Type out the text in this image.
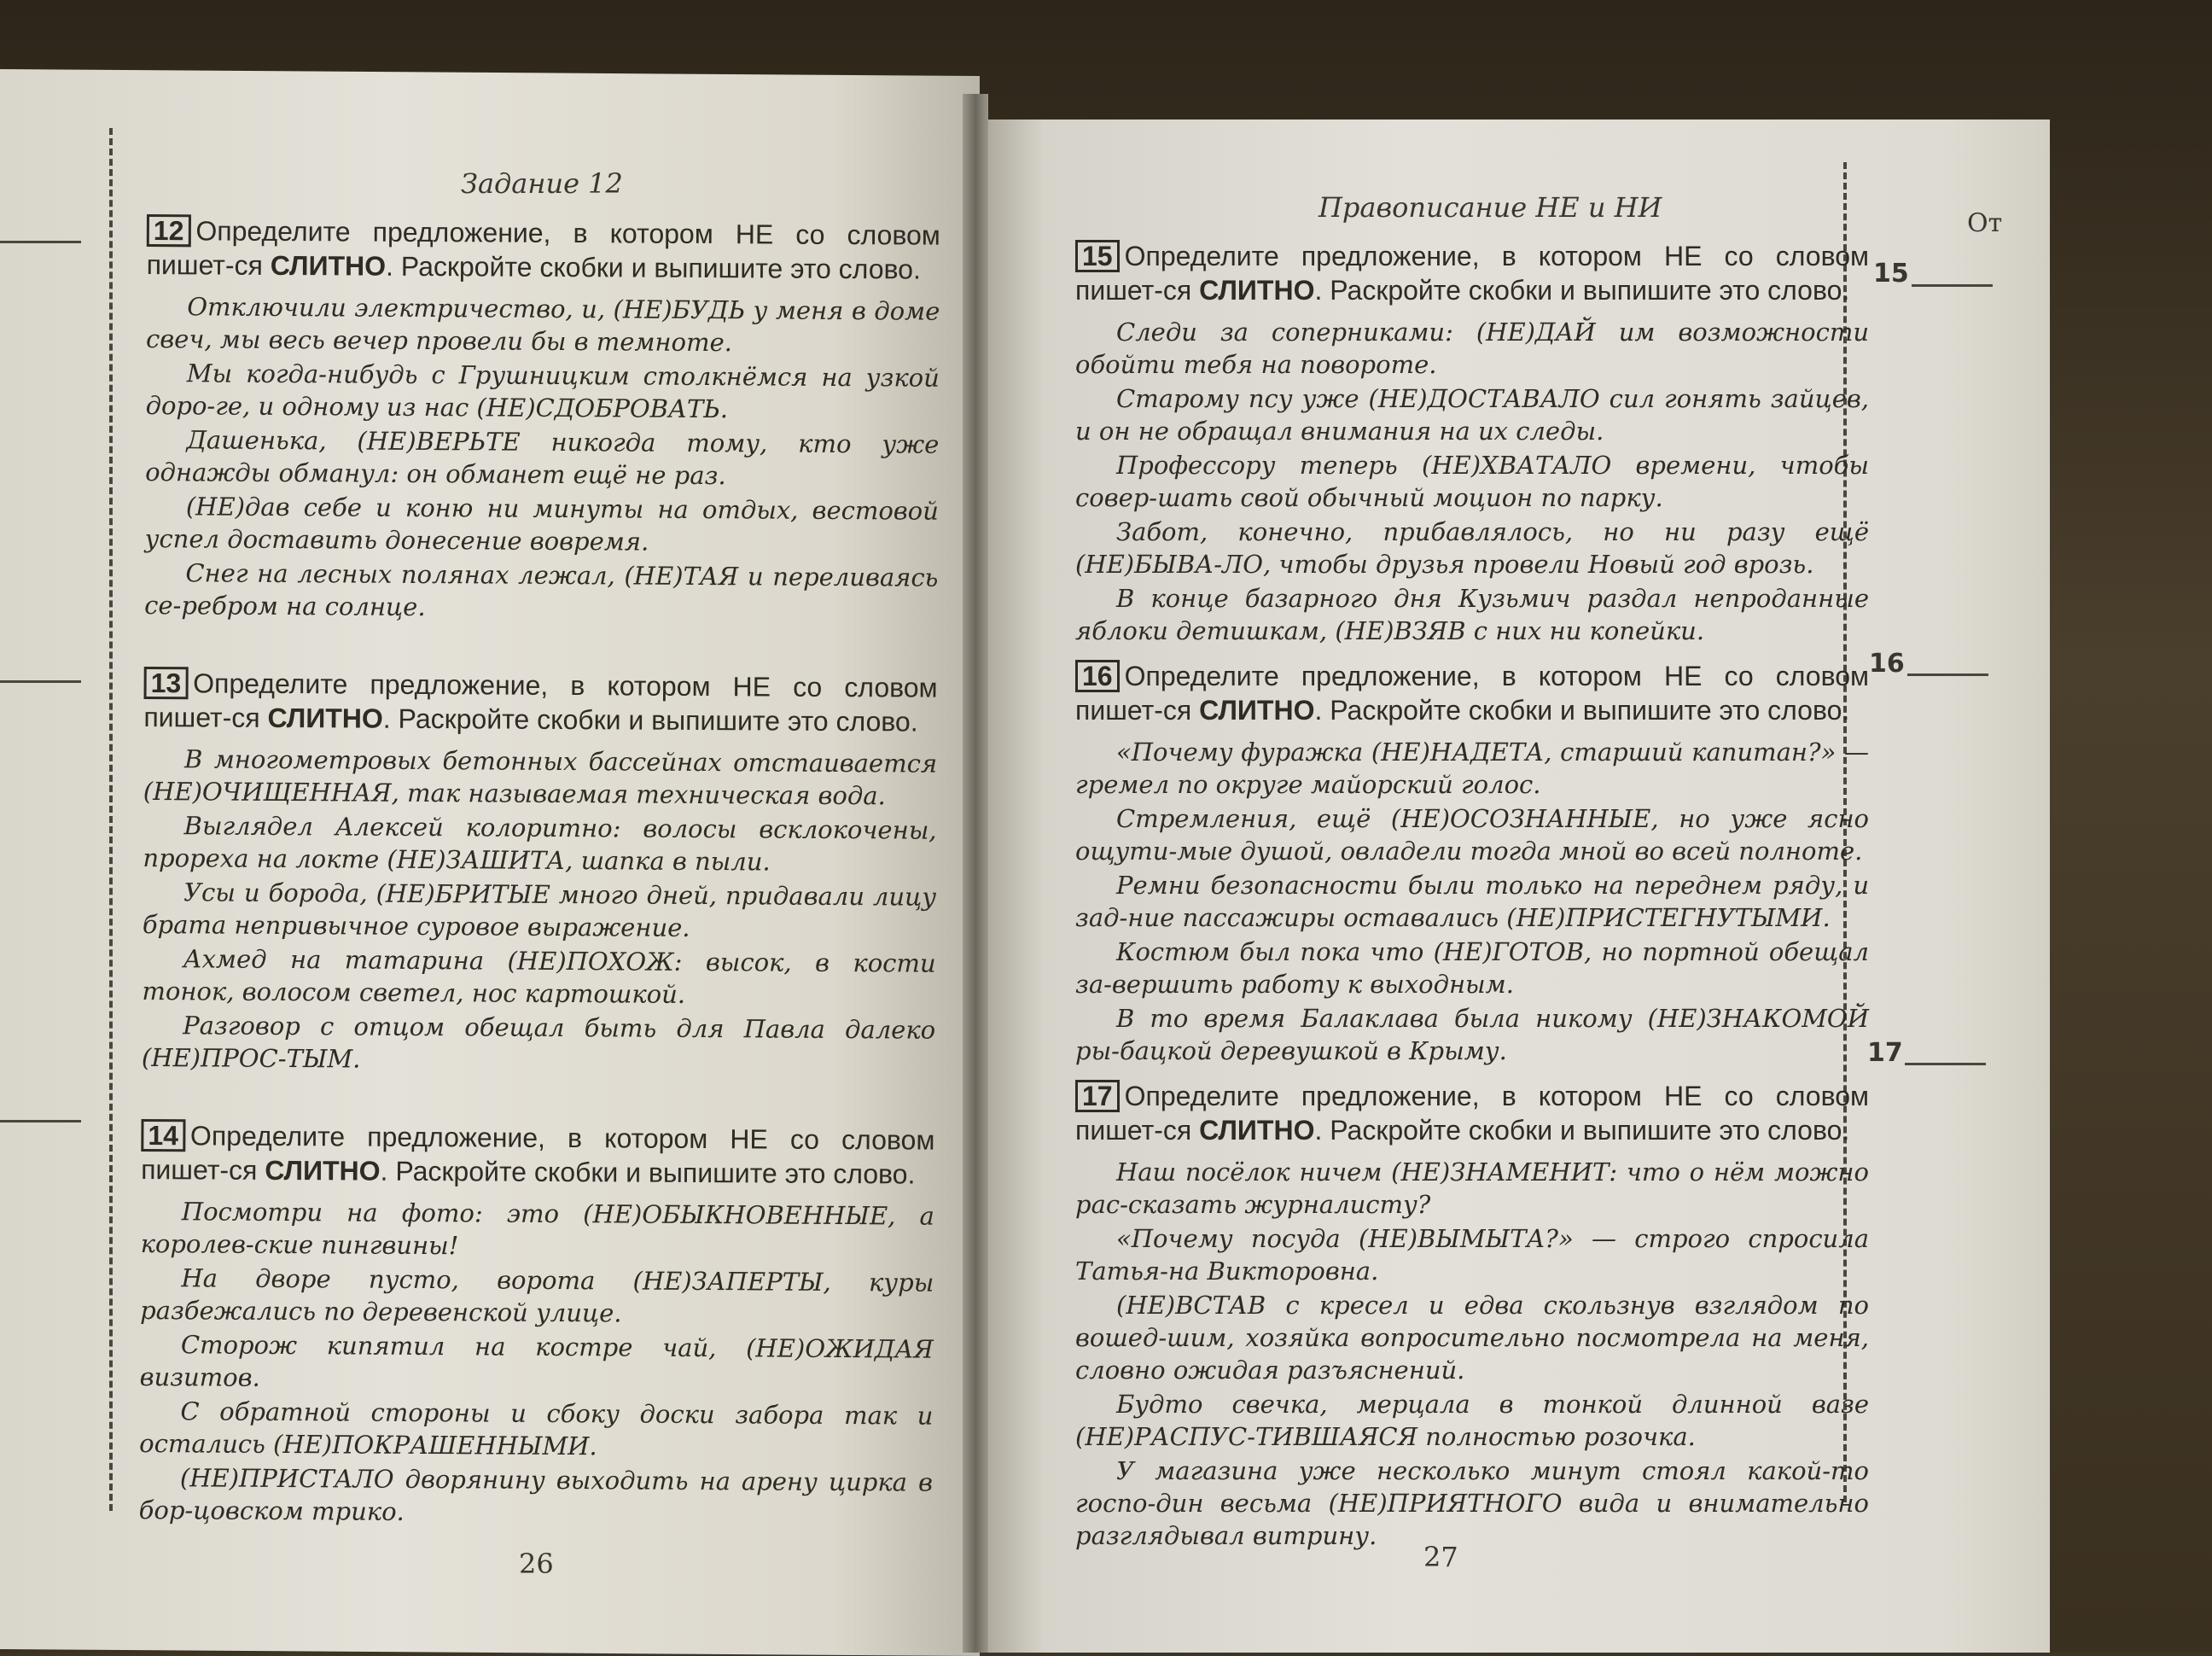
Задание 12
26
Правописание НЕ и НИ
27
От
15
16
17

12 Определите предложение, в котором НЕ со словом пишет-ся СЛИТНО. Раскройте скобки и выпишите это слово.

Отключили электричество, и, (НЕ)БУДЬ у меня в доме свеч, мы весь вечер провели бы в темноте.

Мы когда-нибудь с Грушницким столкнёмся на узкой доро-ге, и одному из нас (НЕ)СДОБРОВАТЬ.

Дашенька, (НЕ)ВЕРЬТЕ никогда тому, кто уже однажды обманул: он обманет ещё не раз.

(НЕ)дав себе и коню ни минуты на отдых, вестовой успел доставить донесение вовремя.

Снег на лесных полянах лежал, (НЕ)ТАЯ и переливаясь се-ребром на солнце.

13 Определите предложение, в котором НЕ со словом пишет-ся СЛИТНО. Раскройте скобки и выпишите это слово.

В многометровых бетонных бассейнах отстаивается (НЕ)ОЧИЩЕННАЯ, так называемая техническая вода.

Выглядел Алексей колоритно: волосы всклокочены, прореха на локте (НЕ)ЗАШИТА, шапка в пыли.

Усы и борода, (НЕ)БРИТЫЕ много дней, придавали лицу брата непривычное суровое выражение.

Ахмед на татарина (НЕ)ПОХОЖ: высок, в кости тонок, волосом светел, нос картошкой.

Разговор с отцом обещал быть для Павла далеко (НЕ)ПРОС-ТЫМ.

14 Определите предложение, в котором НЕ со словом пишет-ся СЛИТНО. Раскройте скобки и выпишите это слово.

Посмотри на фото: это (НЕ)ОБЫКНОВЕННЫЕ, а королев-ские пингвины!

На дворе пусто, ворота (НЕ)ЗАПЕРТЫ, куры разбежались по деревенской улице.

Сторож кипятил на костре чай, (НЕ)ОЖИДАЯ визитов.

С обратной стороны и сбоку доски забора так и остались (НЕ)ПОКРАШЕННЫМИ.

(НЕ)ПРИСТАЛО дворянину выходить на арену цирка в бор-цовском трико.

15 Определите предложение, в котором НЕ со словом пишет-ся СЛИТНО. Раскройте скобки и выпишите это слово.

Следи за соперниками: (НЕ)ДАЙ им возможности обойти тебя на повороте.

Старому псу уже (НЕ)ДОСТАВАЛО сил гонять зайцев, и он не обращал внимания на их следы.

Профессору теперь (НЕ)ХВАТАЛО времени, чтобы совер-шать свой обычный моцион по парку.

Забот, конечно, прибавлялось, но ни разу ещё (НЕ)БЫВА-ЛО, чтобы друзья провели Новый год врозь.

В конце базарного дня Кузьмич раздал непроданные яблоки детишкам, (НЕ)ВЗЯВ с них ни копейки.

16 Определите предложение, в котором НЕ со словом пишет-ся СЛИТНО. Раскройте скобки и выпишите это слово.

«Почему фуражка (НЕ)НАДЕТА, старший капитан?» — гремел по округе майорский голос.

Стремления, ещё (НЕ)ОСОЗНАННЫЕ, но уже ясно ощути-мые душой, овладели тогда мной во всей полноте.

Ремни безопасности были только на переднем ряду, и зад-ние пассажиры оставались (НЕ)ПРИСТЕГНУТЫМИ.

Костюм был пока что (НЕ)ГОТОВ, но портной обещал за-вершить работу к выходным.

В то время Балаклава была никому (НЕ)ЗНАКОМОЙ ры-бацкой деревушкой в Крыму.

17 Определите предложение, в котором НЕ со словом пишет-ся СЛИТНО. Раскройте скобки и выпишите это слово.

Наш посёлок ничем (НЕ)ЗНАМЕНИТ: что о нём можно рас-сказать журналисту?

«Почему посуда (НЕ)ВЫМЫТА?» — строго спросила Татья-на Викторовна.

(НЕ)ВСТАВ с кресел и едва скользнув взглядом по вошед-шим, хозяйка вопросительно посмотрела на меня, словно ожидая разъяснений.

Будто свечка, мерцала в тонкой длинной вазе (НЕ)РАСПУС-ТИВШАЯСЯ полностью розочка.

У магазина уже несколько минут стоял какой-то госпо-дин весьма (НЕ)ПРИЯТНОГО вида и внимательно разглядывал витрину.
